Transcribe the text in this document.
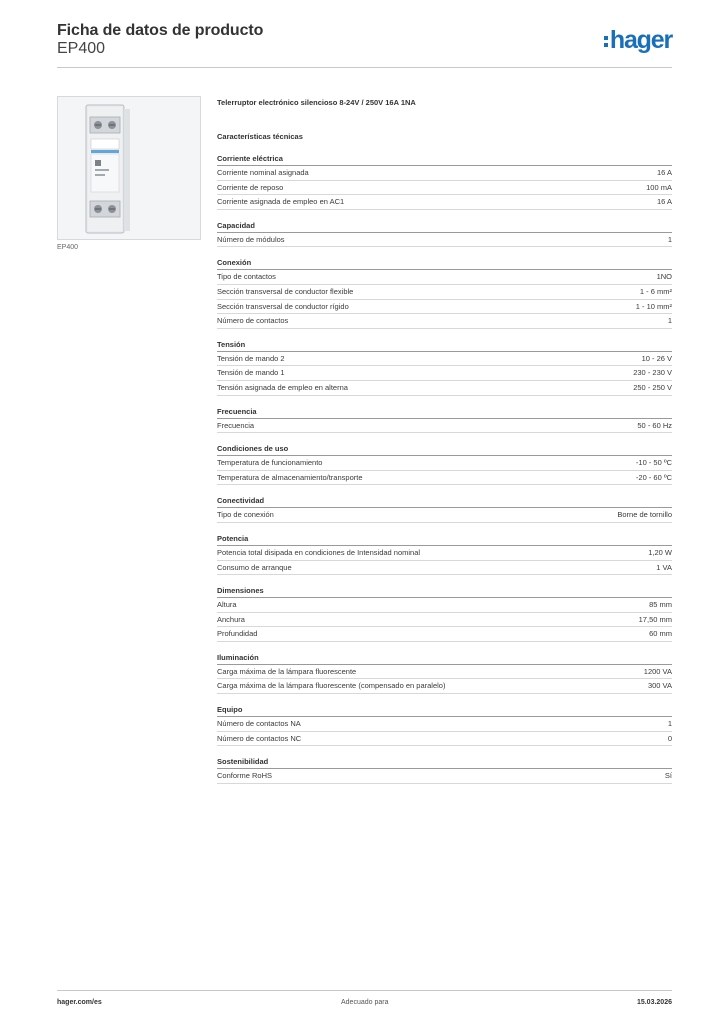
Ficha de datos de producto
EP400	hager
EP400
Telerruptor electrónico silencioso 8-24V / 250V 16A 1NA
Características técnicas
Corriente eléctrica
Corriente nominal asignada	16 A
Corriente de reposo	100 mA
Corriente asignada de empleo en AC1	16 A
Capacidad
Número de módulos	1
Conexión
Tipo de contactos	1NO
Sección transversal de conductor flexible	1 - 6 mm²
Sección transversal de conductor rígido	1 - 10 mm²
Número de contactos	1
Tensión
Tensión de mando 2	10 - 26 V
Tensión de mando 1	230 - 230 V
Tensión asignada de empleo en alterna	250 - 250 V
Frecuencia
Frecuencia	50 - 60 Hz
Condiciones de uso
Temperatura de funcionamiento	-10 - 50 ºC
Temperatura de almacenamiento/transporte	-20 - 60 ºC
Conectividad
Tipo de conexión	Borne de tornillo
Potencia
Potencia total disipada en condiciones de Intensidad nominal	1,20 W
Consumo de arranque	1 VA
Dimensiones
Altura	85 mm
Anchura	17,50 mm
Profundidad	60 mm
Iluminación
Carga máxima de la lámpara fluorescente	1200 VA
Carga máxima de la lámpara fluorescente (compensado en paralelo)	300 VA
Equipo
Número de contactos NA	1
Número de contactos NC	0
Sostenibilidad
Conforme RoHS	Sí
hager.com/es	Adecuado para	15.03.2026
